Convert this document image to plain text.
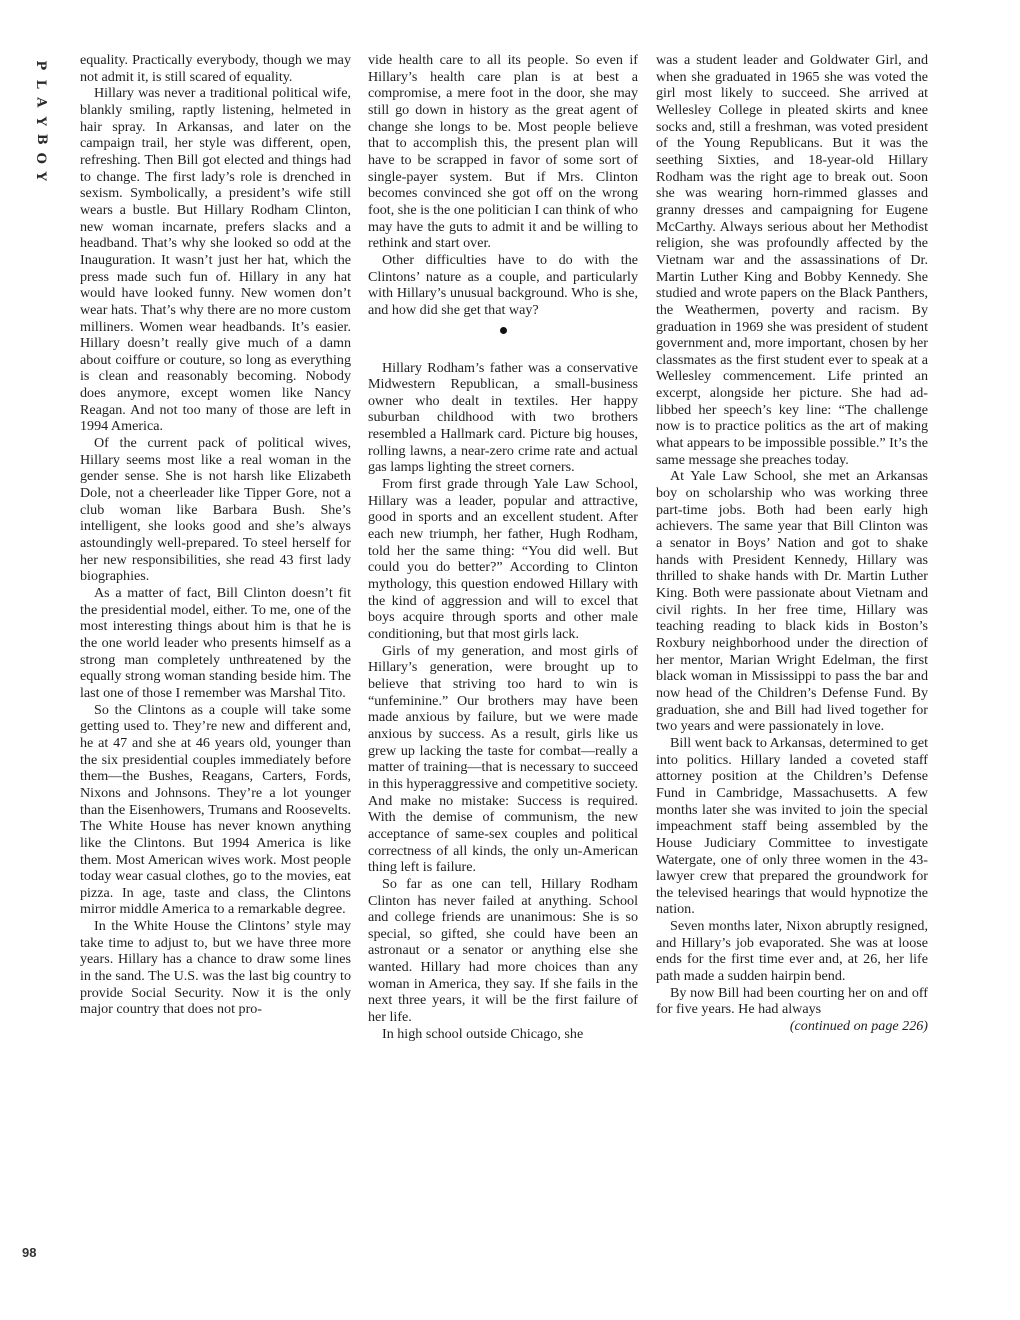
P
L
A
Y
B
O
Y
98

equality. Practically everybody, though we may not admit it, is still scared of equality.

Hillary was never a traditional political wife, blankly smiling, raptly listening, helmeted in hair spray. In Arkansas, and later on the campaign trail, her style was different, open, refreshing. Then Bill got elected and things had to change. The first lady’s role is drenched in sexism. Symbolically, a president’s wife still wears a bustle. But Hillary Rodham Clinton, new woman incarnate, prefers slacks and a headband. That’s why she looked so odd at the Inauguration. It wasn’t just her hat, which the press made such fun of. Hillary in any hat would have looked funny. New women don’t wear hats. That’s why there are no more custom milliners. Women wear headbands. It’s easier. Hillary doesn’t really give much of a damn about coiffure or couture, so long as everything is clean and reasonably becoming. Nobody does anymore, except women like Nancy Reagan. And not too many of those are left in 1994 America.

Of the current pack of political wives, Hillary seems most like a real woman in the gender sense. She is not harsh like Elizabeth Dole, not a cheerleader like Tipper Gore, not a club woman like Barbara Bush. She’s intelligent, she looks good and she’s always astoundingly well-prepared. To steel herself for her new responsibilities, she read 43 first lady biographies.

As a matter of fact, Bill Clinton doesn’t fit the presidential model, either. To me, one of the most interesting things about him is that he is the one world leader who presents himself as a strong man completely unthreatened by the equally strong woman standing beside him. The last one of those I remember was Marshal Tito.

So the Clintons as a couple will take some getting used to. They’re new and different and, he at 47 and she at 46 years old, younger than the six presidential couples immediately before them—the Bushes, Reagans, Carters, Fords, Nixons and Johnsons. They’re a lot younger than the Eisenhowers, Trumans and Roosevelts. The White House has never known anything like the Clintons. But 1994 America is like them. Most American wives work. Most people today wear casual clothes, go to the movies, eat pizza. In age, taste and class, the Clintons mirror middle America to a remarkable degree.

In the White House the Clintons’ style may take time to adjust to, but we have three more years. Hillary has a chance to draw some lines in the sand. The U.S. was the last big country to provide Social Security. Now it is the only major country that does not pro-

vide health care to all its people. So even if Hillary’s health care plan is at best a compromise, a mere foot in the door, she may still go down in history as the great agent of change she longs to be. Most people believe that to accomplish this, the present plan will have to be scrapped in favor of some sort of single-payer system. But if Mrs. Clinton becomes convinced she got off on the wrong foot, she is the one politician I can think of who may have the guts to admit it and be willing to rethink and start over.

Other difficulties have to do with the Clintons’ nature as a couple, and particularly with Hillary’s unusual background. Who is she, and how did she get that way?

Hillary Rodham’s father was a conservative Midwestern Republican, a small-business owner who dealt in textiles. Her happy suburban childhood with two brothers resembled a Hallmark card. Picture big houses, rolling lawns, a near-zero crime rate and actual gas lamps lighting the street corners.

From first grade through Yale Law School, Hillary was a leader, popular and attractive, good in sports and an excellent student. After each new triumph, her father, Hugh Rodham, told her the same thing: “You did well. But could you do better?” According to Clinton mythology, this question endowed Hillary with the kind of aggression and will to excel that boys acquire through sports and other male conditioning, but that most girls lack.

Girls of my generation, and most girls of Hillary’s generation, were brought up to believe that striving too hard to win is “unfeminine.” Our brothers may have been made anxious by failure, but we were made anxious by success. As a result, girls like us grew up lacking the taste for combat—really a matter of training—that is necessary to succeed in this hyperaggressive and competitive society. And make no mistake: Success is required. With the demise of communism, the new acceptance of same-sex couples and political correctness of all kinds, the only un-American thing left is failure.

So far as one can tell, Hillary Rodham Clinton has never failed at anything. School and college friends are unanimous: She is so special, so gifted, she could have been an astronaut or a senator or anything else she wanted. Hillary had more choices than any woman in America, they say. If she fails in the next three years, it will be the first failure of her life.

In high school outside Chicago, she

was a student leader and Goldwater Girl, and when she graduated in 1965 she was voted the girl most likely to succeed. She arrived at Wellesley College in pleated skirts and knee socks and, still a freshman, was voted president of the Young Republicans. But it was the seething Sixties, and 18-year-old Hillary Rodham was the right age to break out. Soon she was wearing horn-rimmed glasses and granny dresses and campaigning for Eugene McCarthy. Always serious about her Methodist religion, she was profoundly affected by the Vietnam war and the assassinations of Dr. Martin Luther King and Bobby Kennedy. She studied and wrote papers on the Black Panthers, the Weathermen, poverty and racism. By graduation in 1969 she was president of student government and, more important, chosen by her classmates as the first student ever to speak at a Wellesley commencement. Life printed an excerpt, alongside her picture. She had ad-libbed her speech’s key line: “The challenge now is to practice politics as the art of making what appears to be impossible possible.” It’s the same message she preaches today.

At Yale Law School, she met an Arkansas boy on scholarship who was working three part-time jobs. Both had been early high achievers. The same year that Bill Clinton was a senator in Boys’ Nation and got to shake hands with President Kennedy, Hillary was thrilled to shake hands with Dr. Martin Luther King. Both were passionate about Vietnam and civil rights. In her free time, Hillary was teaching reading to black kids in Boston’s Roxbury neighborhood under the direction of her mentor, Marian Wright Edelman, the first black woman in Mississippi to pass the bar and now head of the Children’s Defense Fund. By graduation, she and Bill had lived together for two years and were passionately in love.

Bill went back to Arkansas, determined to get into politics. Hillary landed a coveted staff attorney position at the Children’s Defense Fund in Cambridge, Massachusetts. A few months later she was invited to join the special impeachment staff being assembled by the House Judiciary Committee to investigate Watergate, one of only three women in the 43-lawyer crew that prepared the groundwork for the televised hearings that would hypnotize the nation.

Seven months later, Nixon abruptly resigned, and Hillary’s job evaporated. She was at loose ends for the first time ever and, at 26, her life path made a sudden hairpin bend.

By now Bill had been courting her on and off for five years. He had always

(continued on page 226)
